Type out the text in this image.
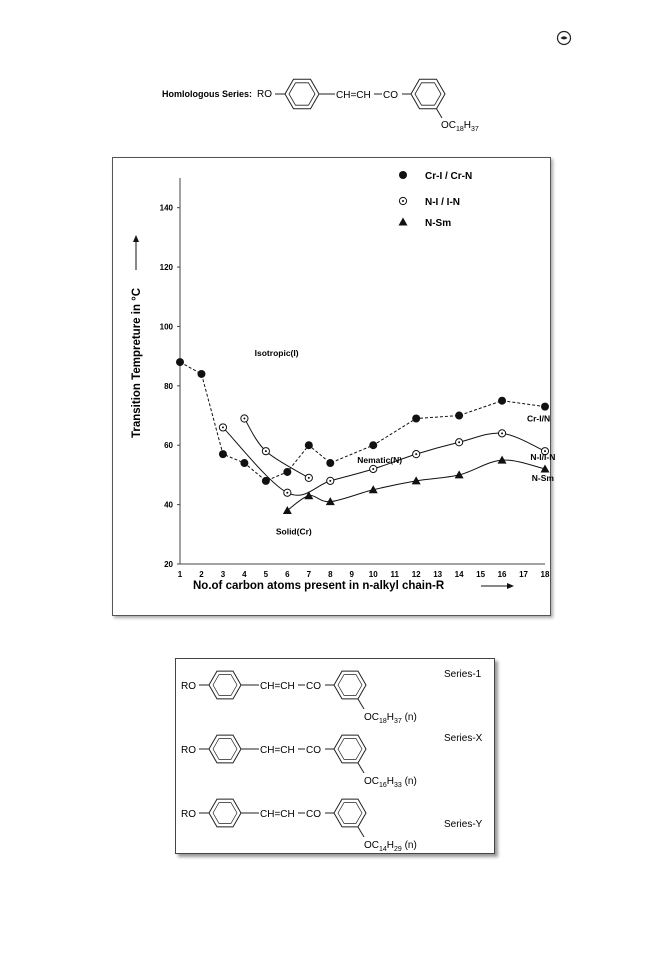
Homlologous Series: RO	CH=CH CO
$OC_{18}H_{37}$
20
40
60
80
100
120
140
1 2 3 4 5 6 7 8 9 10 11 12 13 14 15 16 17 18
No.of carbon atoms present in n-alkyl chain-R
Transition Tempreture in °C
Cr-I / Cr-N
N-I / I-N
N-Sm
Isotropic(I)
Cr-I/N
Nematic(N)	N-I/I-N
N-Sm
Solid(Cr)
RO	CH=CH CO
$OC_{18}H_{37}$ (n)
Series-1
RO	CH=CH CO
$OC_{16}H_{33}$ (n)
Series-X
RO	CH=CH CO
$OC_{14}H_{29}$ (n)
Series-Y
